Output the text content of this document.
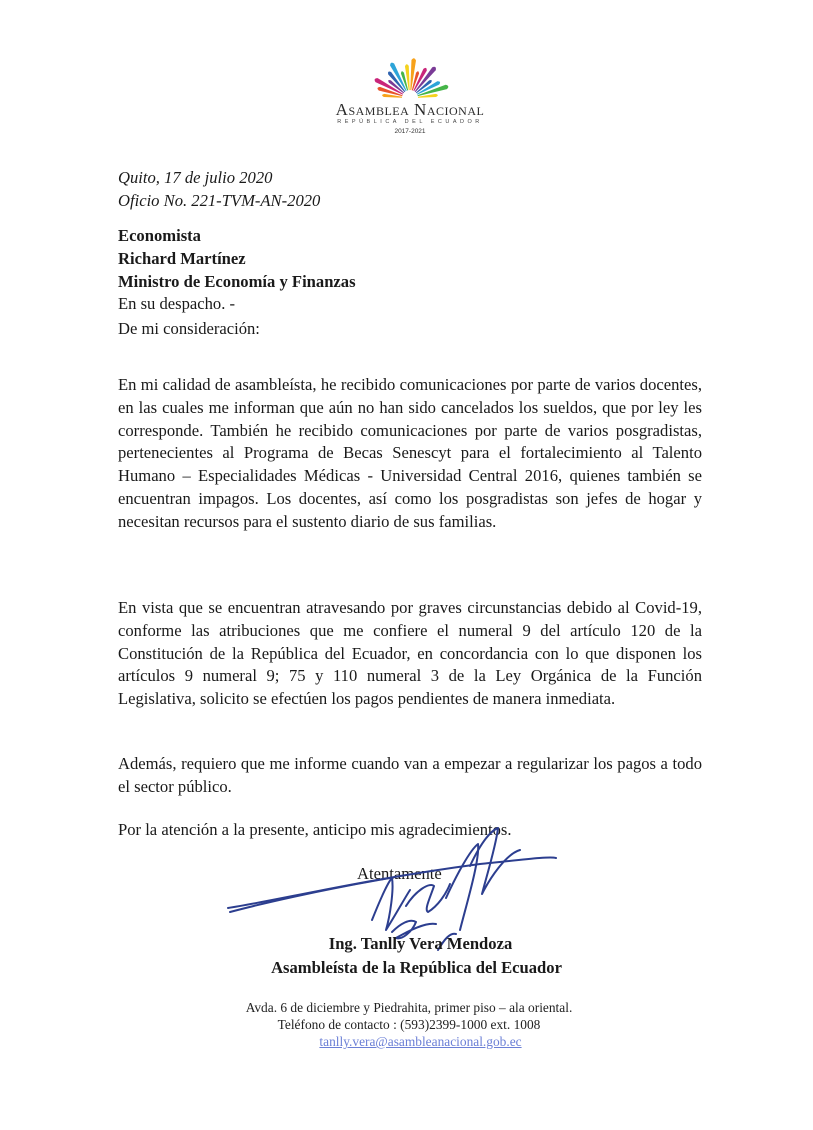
Asamblea Nacional
REPÚBLICA DEL ECUADOR
2017-2021
Quito, 17 de julio 2020
Oficio No. 221-TVM-AN-2020
Economista
Richard Martínez
Ministro de Economía y Finanzas
En su despacho. -
De mi consideración:
En mi calidad de asambleísta, he recibido comunicaciones por parte de varios docentes, en las cuales me informan que aún no han sido cancelados los sueldos, que por ley les corresponde. También he recibido comunicaciones por parte de varios posgradistas, pertenecientes al Programa de Becas Senescyt para el fortalecimiento al Talento Humano – Especialidades Médicas - Universidad Central 2016, quienes también se encuentran impagos. Los docentes, así como los posgradistas son jefes de hogar y necesitan recursos para el sustento diario de sus familias.
En vista que se encuentran atravesando por graves circunstancias debido al Covid-19, conforme las atribuciones que me confiere el numeral 9 del artículo 120 de la Constitución de la República del Ecuador, en concordancia con lo que disponen los artículos 9 numeral 9; 75 y 110 numeral 3 de la Ley Orgánica de la Función Legislativa, solicito se efectúen los pagos pendientes de manera inmediata.
Además, requiero que me informe cuando van a empezar a regularizar los pagos a todo el sector público.
Por la atención a la presente, anticipo mis agradecimientos.
Atentamente
Ing. Tanlly Vera Mendoza
Asambleísta de la República del Ecuador
Avda. 6 de diciembre y Piedrahita, primer piso – ala oriental.
Teléfono de contacto : (593)2399-1000 ext. 1008
tanlly.vera@asambleanacional.gob.ec
